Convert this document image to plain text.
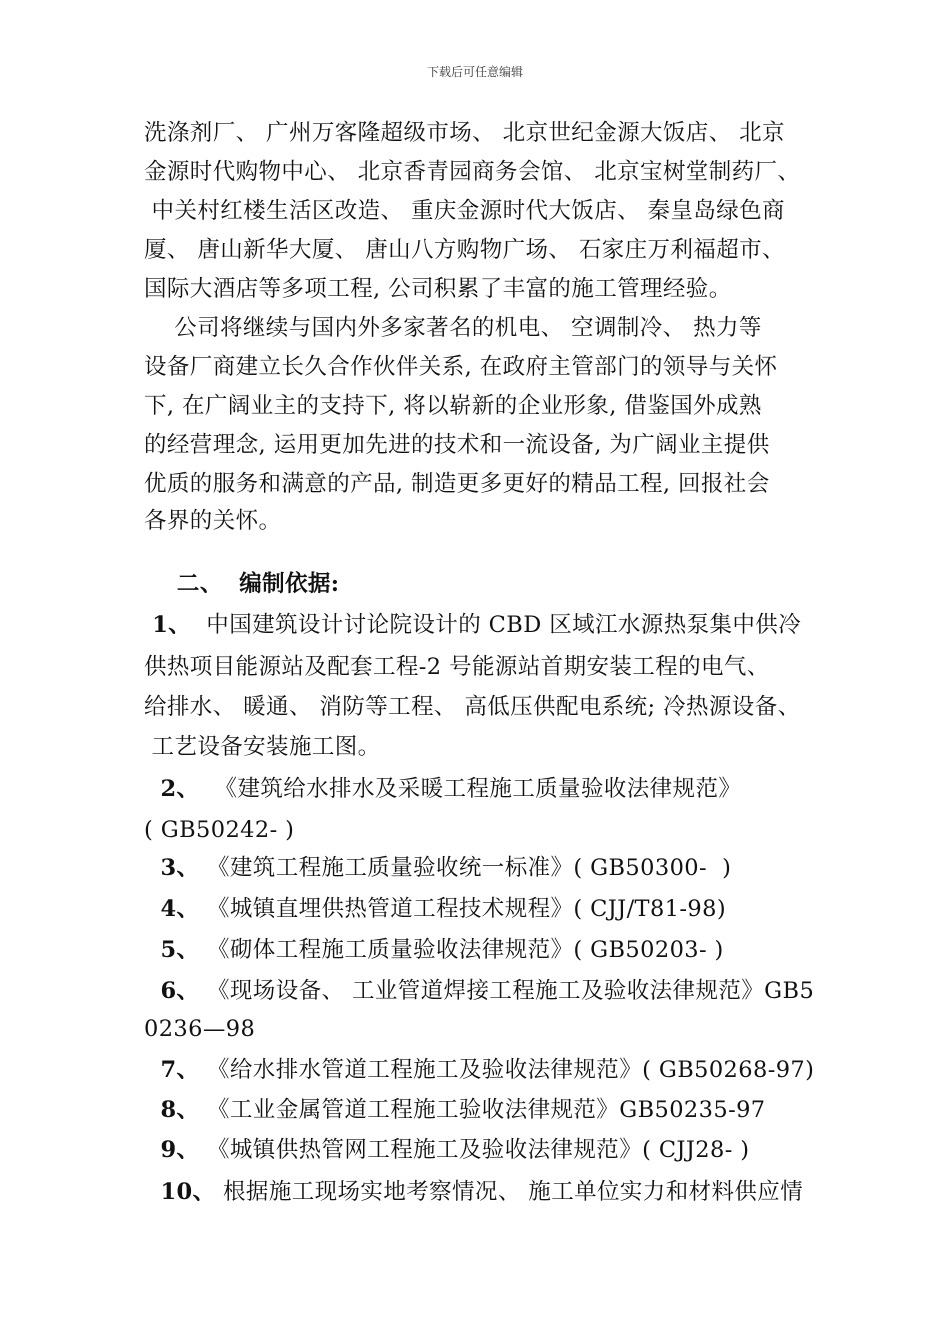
下载后可任意编辑
洗涤剂厂、 广州万客隆超级市场、 北京世纪金源大饭店、 北京
金源时代购物中心、 北京香青园商务会馆、 北京宝树堂制药厂、
中关村红楼生活区改造、 重庆金源时代大饭店、 秦皇岛绿色商
厦、 唐山新华大厦、 唐山八方购物广场、 石家庄万利福超市、
国际大酒店等多项工程, 公司积累了丰富的施工管理经验。
公司将继续与国内外多家著名的机电、 空调制冷、 热力等
设备厂商建立长久合作伙伴关系, 在政府主管部门的领导与关怀
下, 在广阔业主的支持下, 将以崭新的企业形象, 借鉴国外成熟
的经营理念, 运用更加先进的技术和一流设备, 为广阔业主提供
优质的服务和满意的产品, 制造更多更好的精品工程, 回报社会
各界的关怀。
二、  编制依据:
1、  中国建筑设计讨论院设计的 CBD 区域江水源热泵集中供冷
供热项目能源站及配套工程-2 号能源站首期安装工程的电气、
给排水、 暖通、 消防等工程、 高低压供配电系统; 冷热源设备、
工艺设备安装施工图。
2、  《建筑给水排水及采暖工程施工质量验收法律规范》
( GB50242- )
3、 《建筑工程施工质量验收统一标准》( GB50300-  )
4、 《城镇直埋供热管道工程技术规程》( CJJ/T81-98)
5、 《砌体工程施工质量验收法律规范》( GB50203- )
6、 《现场设备、 工业管道焊接工程施工及验收法律规范》GB5
0236—98
7、 《给水排水管道工程施工及验收法律规范》( GB50268-97)
8、 《工业金属管道工程施工验收法律规范》GB50235-97
9、 《城镇供热管网工程施工及验收法律规范》( CJJ28- )
10、 根据施工现场实地考察情况、 施工单位实力和材料供应情
